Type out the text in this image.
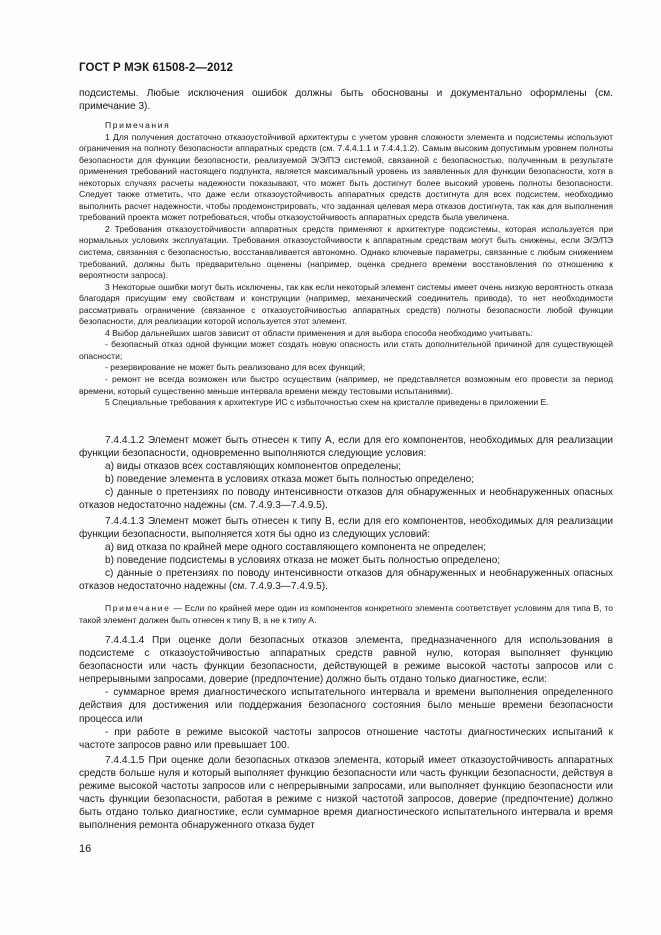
ГОСТ Р МЭК 61508-2—2012

подсистемы. Любые исключения ошибок должны быть обоснованы и документально оформлены (см. примечание 3).

Примечания

1 Для получения достаточно отказоустойчивой архитектуры с учетом уровня сложности элемента и подсистемы используют ограничения на полноту безопасности аппаратных средств (см. 7.4.4.1.1 и 7.4.4.1.2). Самым высоким допустимым уровнем полноты безопасности для функции безопасности, реализуемой Э/Э/ПЭ системой, связанной с безопасностью, полученным в результате применения требований настоящего подпункта, является максимальный уровень из заявленных для функции безопасности, хотя в некоторых случаях расчеты надежности показывают, что может быть достигнут более высокий уровень полноты безопасности. Следует также отметить, что даже если отказоустойчивость аппаратных средств достигнута для всех подсистем, необходимо выполнить расчет надежности, чтобы продемонстрировать, что заданная целевая мера отказов достигнута, так как для выполнения требований проекта может потребоваться, чтобы отказоустойчивость аппаратных средств была увеличена.

2 Требования отказоустойчивости аппаратных средств применяют к архитектуре подсистемы, которая используется при нормальных условиях эксплуатации. Требования отказоустойчивости к аппаратным средствам могут быть снижены, если Э/Э/ПЭ система, связанная с безопасностью, восстанавливается автономно. Однако ключевые параметры, связанные с любым снижением требований, должны быть предварительно оценены (например, оценка среднего времени восстановления по отношению к вероятности запроса).

3 Некоторые ошибки могут быть исключены, так как если некоторый элемент системы имеет очень низкую вероятность отказа благодаря присущим ему свойствам и конструкции (например, механический соединитель привода), то нет необходимости рассматривать ограничение (связанное с отказоустойчивостью аппаратных средств) полноты безопасности любой функции безопасности, для реализации которой используется этот элемент.

4 Выбор дальнейших шагов зависит от области применения и для выбора способа необходимо учитывать:

- безопасный отказ одной функции может создать новую опасность или стать дополнительной причиной для существующей опасности;

- резервирование не может быть реализовано для всех функций;

- ремонт не всегда возможен или быстро осуществим (например, не представляется возможным его провести за период времени, который существенно меньше интервала времени между тестовыми испытаниями).

5 Специальные требования к архитектуре ИС с избыточностью схем на кристалле приведены в приложении Е.

7.4.4.1.2 Элемент может быть отнесен к типу А, если для его компонентов, необходимых для реализации функции безопасности, одновременно выполняются следующие условия:

a) виды отказов всех составляющих компонентов определены;

b) поведение элемента в условиях отказа может быть полностью определено;

c) данные о претензиях по поводу интенсивности отказов для обнаруженных и необнаруженных опасных отказов недостаточно надежны (см. 7.4.9.3—7.4.9.5).

7.4.4.1.3 Элемент может быть отнесен к типу В, если для его компонентов, необходимых для реализации функции безопасности, выполняется хотя бы одно из следующих условий:

a) вид отказа по крайней мере одного составляющего компонента не определен;

b) поведение подсистемы в условиях отказа не может быть полностью определено;

c) данные о претензиях по поводу интенсивности отказов для обнаруженных и необнаруженных опасных отказов недостаточно надежны (см. 7.4.9.3—7.4.9.5).

Примечание — Если по крайней мере один из компонентов конкретного элемента соответствует условиям для типа В, то такой элемент должен быть отнесен к типу В, а не к типу А.

7.4.4.1.4 При оценке доли безопасных отказов элемента, предназначенного для использования в подсистеме с отказоустойчивостью аппаратных средств равной нулю, которая выполняет функцию безопасности или часть функции безопасности, действующей в режиме высокой частоты запросов или с непрерывными запросами, доверие (предпочтение) должно быть отдано только диагностике, если:

- суммарное время диагностического испытательного интервала и времени выполнения определенного действия для достижения или поддержания безопасного состояния было меньше времени безопасности процесса или

- при работе в режиме высокой частоты запросов отношение частоты диагностических испытаний к частоте запросов равно или превышает 100.

7.4.4.1.5 При оценке доли безопасных отказов элемента, который имеет отказоустойчивость аппаратных средств больше нуля и который выполняет функцию безопасности или часть функции безопасности, действуя в режиме высокой частоты запросов или с непрерывными запросами, или выполняет функцию безопасности или часть функции безопасности, работая в режиме с низкой частотой запросов, доверие (предпочтение) должно быть отдано только диагностике, если суммарное время диагностического испытательного интервала и время выполнения ремонта обнаруженного отказа будет

16
